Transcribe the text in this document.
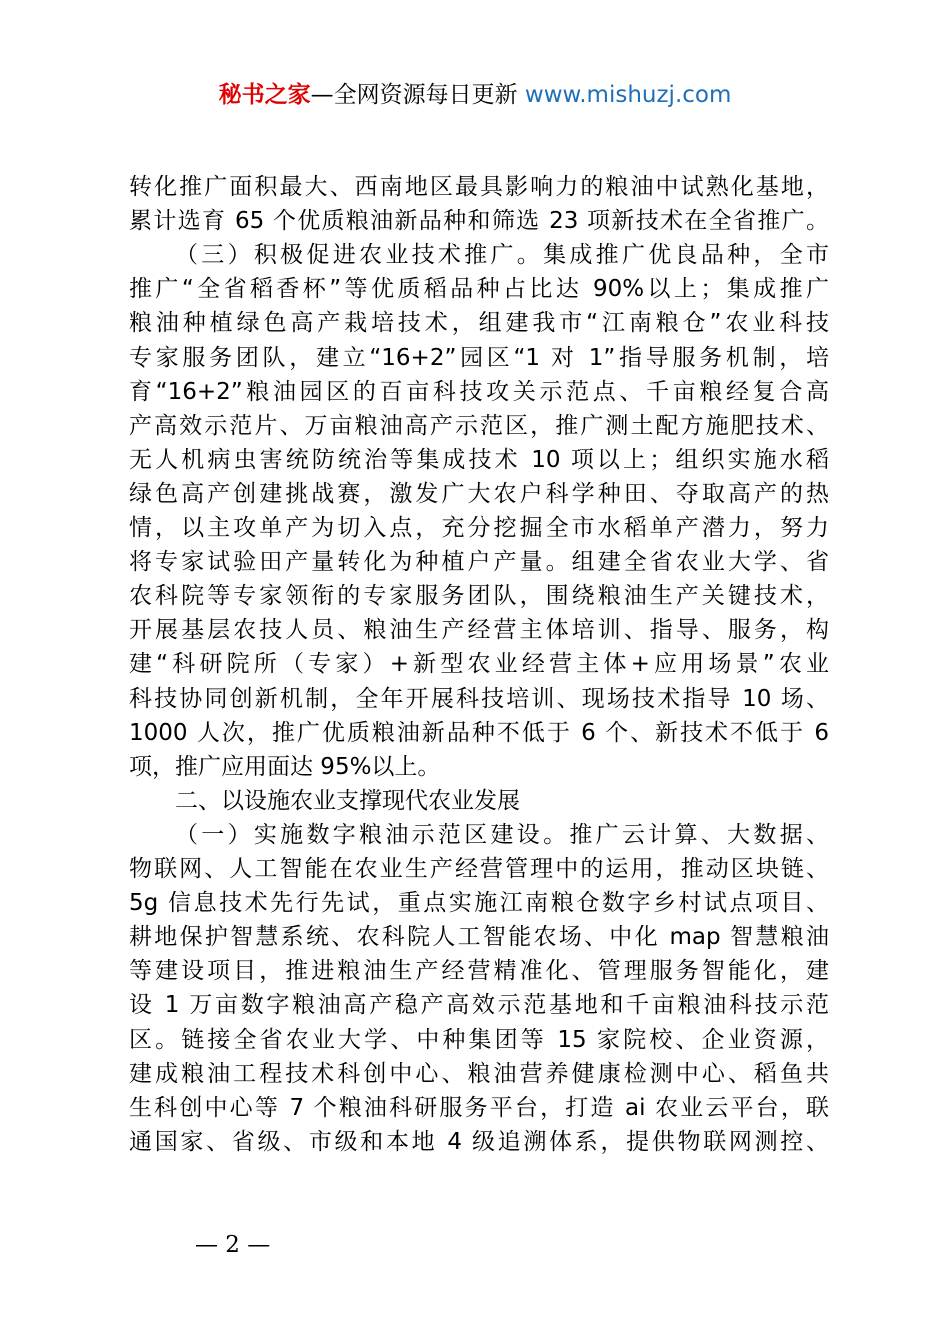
秘书之家—全网资源每日更新 www.mishuzj.com
转化推广面积最大、西南地区最具影响力的粮油中试熟化基地，
累计选育 65 个优质粮油新品种和筛选 23 项新技术在全省推广。
（三）积极促进农业技术推广。集成推广优良品种，全市
推广“全省稻香杯”等优质稻品种占比达 90%以上；集成推广
粮油种植绿色高产栽培技术，组建我市“江南粮仓”农业科技
专家服务团队，建立“16+2”园区“1 对 1”指导服务机制，培
育“16+2”粮油园区的百亩科技攻关示范点、千亩粮经复合高
产高效示范片、万亩粮油高产示范区，推广测土配方施肥技术、
无人机病虫害统防统治等集成技术 10 项以上；组织实施水稻
绿色高产创建挑战赛，激发广大农户科学种田、夺取高产的热
情，以主攻单产为切入点，充分挖掘全市水稻单产潜力，努力
将专家试验田产量转化为种植户产量。组建全省农业大学、省
农科院等专家领衔的专家服务团队，围绕粮油生产关键技术，
开展基层农技人员、粮油生产经营主体培训、指导、服务，构
建“科研院所（专家）+新型农业经营主体+应用场景”农业
科技协同创新机制，全年开展科技培训、现场技术指导 10 场、
1000 人次，推广优质粮油新品种不低于 6 个、新技术不低于 6
项，推广应用面达 95%以上。
二、以设施农业支撑现代农业发展
（一）实施数字粮油示范区建设。推广云计算、大数据、
物联网、人工智能在农业生产经营管理中的运用，推动区块链、
5g 信息技术先行先试，重点实施江南粮仓数字乡村试点项目、
耕地保护智慧系统、农科院人工智能农场、中化 map 智慧粮油
等建设项目，推进粮油生产经营精准化、管理服务智能化，建
设 1 万亩数字粮油高产稳产高效示范基地和千亩粮油科技示范
区。链接全省农业大学、中种集团等 15 家院校、企业资源，
建成粮油工程技术科创中心、粮油营养健康检测中心、稻鱼共
生科创中心等 7 个粮油科研服务平台，打造 ai 农业云平台，联
通国家、省级、市级和本地 4 级追溯体系，提供物联网测控、
— 2 —
